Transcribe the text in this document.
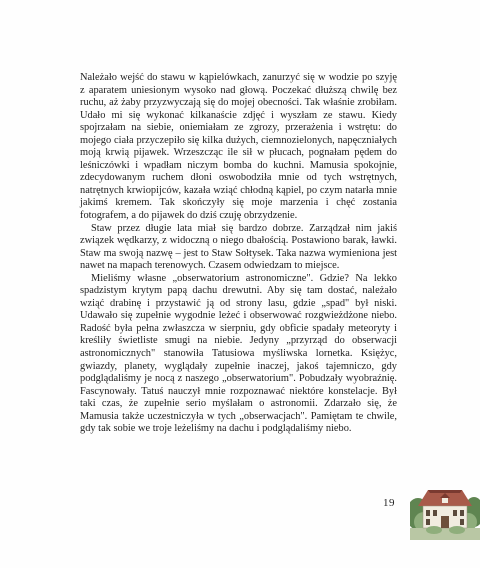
Należało wejść do stawu w kąpielówkach, zanurzyć się w wodzie po szyję z aparatem uniesionym wysoko nad głową. Poczekać dłuższą chwilę bez ruchu, aż żaby przyzwyczają się do mojej obecności. Tak właśnie zrobiłam. Udało mi się wykonać kilkanaście zdjęć i wyszłam ze stawu. Kiedy spojrzałam na siebie, oniemiałam ze zgrozy, przerażenia i wstrętu: do mojego ciała przyczepiło się kilka dużych, ciemnozielonych, napęczniałych moją krwią pijawek. Wrzeszcząc ile sił w płucach, pognałam pędem do leśniczówki i wpadłam niczym bomba do kuchni. Mamusia spokojnie, zdecydowanym ruchem dłoni oswobodziła mnie od tych wstrętnych, natrętnych krwiopijców, kazała wziąć chłodną kąpiel, po czym natarła mnie jakimś kremem. Tak skończyły się moje marzenia i chęć zostania fotografem, a do pijawek do dziś czuję obrzydzenie.

Staw przez długie lata miał się bardzo dobrze. Zarządzał nim jakiś związek wędkarzy, z widoczną o niego dbałością. Postawiono barak, ławki. Staw ma swoją nazwę – jest to Staw Sołtysek. Taka nazwa wymieniona jest nawet na mapach terenowych. Czasem odwiedzam to miejsce.

Mieliśmy własne „obserwatorium astronomiczne". Gdzie? Na lekko spadzistym krytym papą dachu drewutni. Aby się tam dostać, należało wziąć drabinę i przystawić ją od strony lasu, gdzie „spad" był niski. Udawało się zupełnie wygodnie leżeć i obserwować rozgwieżdżone niebo. Radość była pełna zwłaszcza w sierpniu, gdy obficie spadały meteoryty i kreśliły świetliste smugi na niebie. Jedyny „przyrząd do obserwacji astronomicznych" stanowiła Tatusiowa myśliwska lornetka. Księżyc, gwiazdy, planety, wyglądały zupełnie inaczej, jakoś tajemniczo, gdy podglądaliśmy je nocą z naszego „obserwatorium". Pobudzały wyobraźnię. Fascynowały. Tatuś nauczył mnie rozpoznawać niektóre konstelacje. Był taki czas, że zupełnie serio myślałam o astronomii. Zdarzało się, że Mamusia także uczestniczyła w tych „obserwacjach". Pamiętam te chwile, gdy tak sobie we troje leżeliśmy na dachu i podglądaliśmy niebo.

19
